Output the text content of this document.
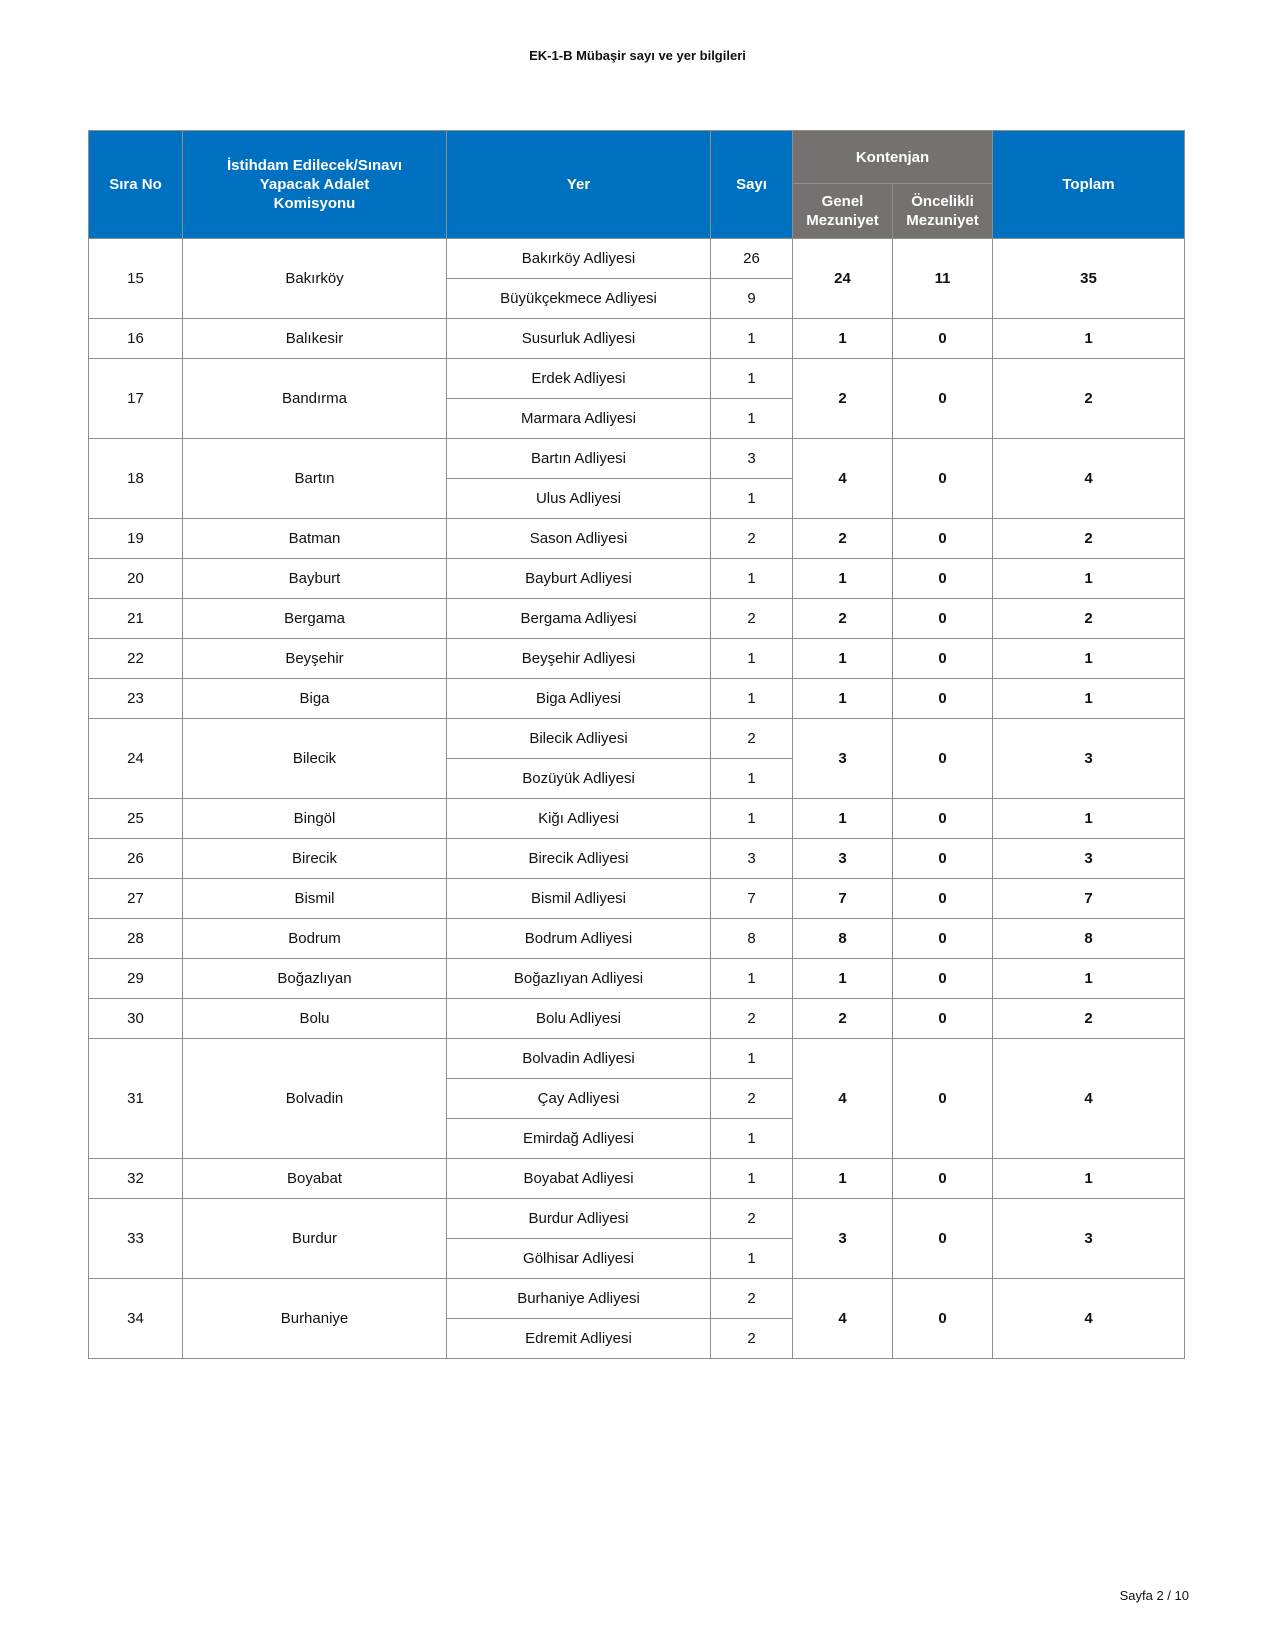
EK-1-B Mübaşir sayı ve yer bilgileri
Sıra No	İstihdam Edilecek/Sınavı Yapacak Adalet Komisyonu	Yer	Sayı	Kontenjan		Toplam
				Genel Mezuniyet	Öncelikli Mezuniyet	
15	Bakırköy	Bakırköy Adliyesi	26	24	11	35
		Büyükçekmece Adliyesi	9			
16	Balıkesir	Susurluk Adliyesi	1	1	0	1
17	Bandırma	Erdek Adliyesi	1	2	0	2
		Marmara Adliyesi	1			
18	Bartın	Bartın Adliyesi	3	4	0	4
		Ulus Adliyesi	1			
19	Batman	Sason Adliyesi	2	2	0	2
20	Bayburt	Bayburt Adliyesi	1	1	0	1
21	Bergama	Bergama Adliyesi	2	2	0	2
22	Beyşehir	Beyşehir Adliyesi	1	1	0	1
23	Biga	Biga Adliyesi	1	1	0	1
24	Bilecik	Bilecik Adliyesi	2	3	0	3
		Bozüyük Adliyesi	1			
25	Bingöl	Kiğı Adliyesi	1	1	0	1
26	Birecik	Birecik Adliyesi	3	3	0	3
27	Bismil	Bismil Adliyesi	7	7	0	7
28	Bodrum	Bodrum Adliyesi	8	8	0	8
29	Boğazlıyan	Boğazlıyan Adliyesi	1	1	0	1
30	Bolu	Bolu Adliyesi	2	2	0	2
31	Bolvadin	Bolvadin Adliyesi	1	4	0	4
		Çay Adliyesi	2			
		Emirdağ Adliyesi	1			
32	Boyabat	Boyabat Adliyesi	1	1	0	1
33	Burdur	Burdur Adliyesi	2	3	0	3
		Gölhisar Adliyesi	1			
34	Burhaniye	Burhaniye Adliyesi	2	4	0	4
		Edremit Adliyesi	2			
Sayfa 2 / 10
